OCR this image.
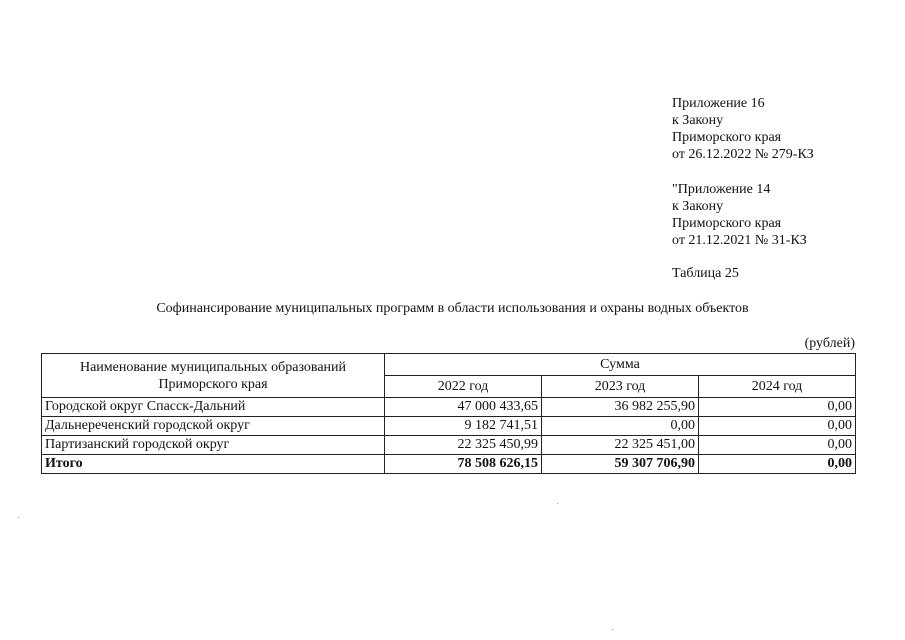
Приложение 16
к Закону
Приморского края
от 26.12.2022 № 279-КЗ
"Приложение 14
к Закону
Приморского края
от 21.12.2021 № 31-КЗ
Таблица 25
Софинансирование муниципальных программ в области использования и охраны водных объектов
(рублей)
Наименование муниципальных образований Приморского края	Сумма		
	2022 год	2023 год	2024 год
Городской округ Спасск-Дальний	47 000 433,65	36 982 255,90	0,00
Дальнереченский городской округ	9 182 741,51	0,00	0,00
Партизанский городской округ	22 325 450,99	22 325 451,00	0,00
Итого	78 508 626,15	59 307 706,90	0,00
